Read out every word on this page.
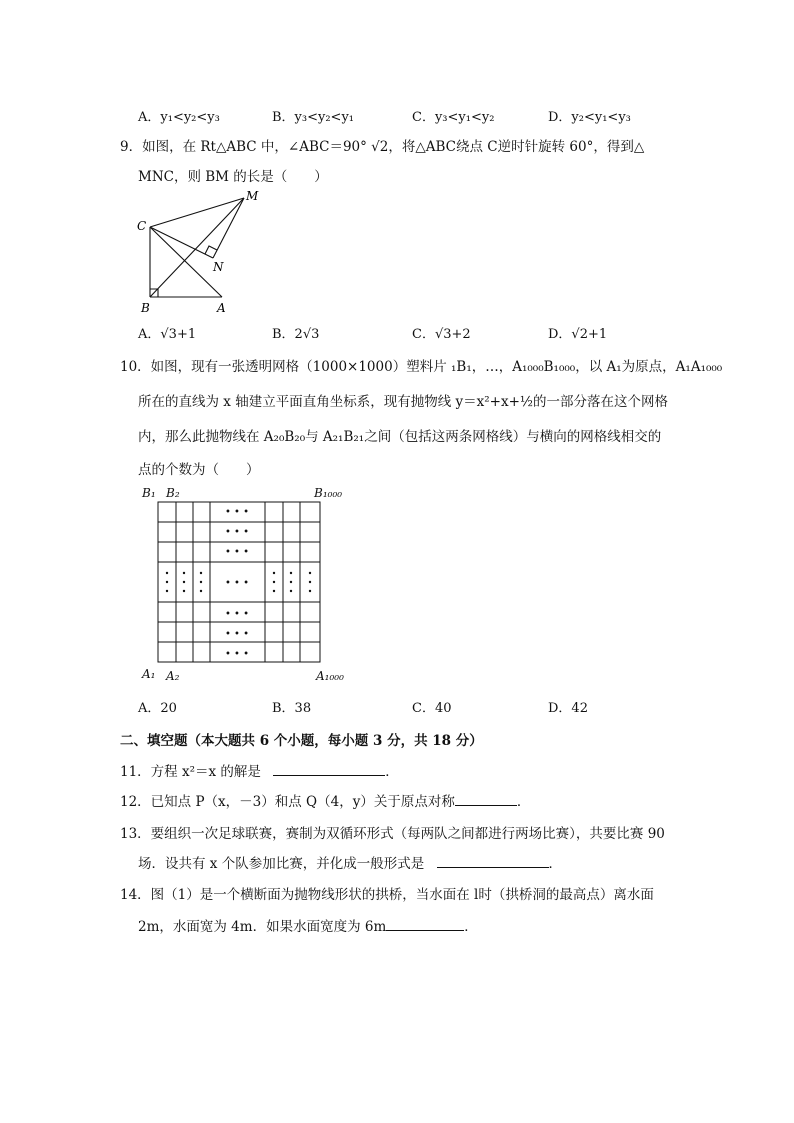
A．y₁<y₂<y₃	B．y₃<y₂<y₁	C．y₃<y₁<y₂	D．y₂<y₁<y₃
9．如图，在 Rt△ABC 中，∠ABC＝90° √2，将△ABC绕点 C逆时针旋转 60°，得到△
MNC，则 BM 的长是（　　）
C
M
N
B	A
A．√3+1	B．2√3	C．√3+2	D．√2+1
10．如图，现有一张透明网格（1000×1000）塑料片 ₁B₁，…，A₁₀₀₀B₁₀₀₀，以 A₁为原点，A₁A₁₀₀₀
所在的直线为 x 轴建立平面直角坐标系，现有抛物线 y＝x²+x+½的一部分落在这个网格
内，那么此抛物线在 A₂₀B₂₀与 A₂₁B₂₁之间（包括这两条网格线）与横向的网格线相交的
点的个数为（　　）
• • •
• • •
• • •
• • •
• • •
• • •
• • •
B₁ B₂	B₁₀₀₀
A₁ A₂	A₁₀₀₀
A．20	B．38	C．40	D．42
二、填空题（本大题共 6 个小题，每小题 3 分，共 18 分）
11．方程 x²＝x 的解是	．
12．已知点 P（x，－3）和点 Q（4，y）关于原点对称	．
13．要组织一次足球联赛，赛制为双循环形式（每两队之间都进行两场比赛），共要比赛 90
场．设共有 x 个队参加比赛，并化成一般形式是	．
14．图（1）是一个横断面为抛物线形状的拱桥，当水面在 l时（拱桥洞的最高点）离水面
2m，水面宽为 4m．如果水面宽度为 6m	．
